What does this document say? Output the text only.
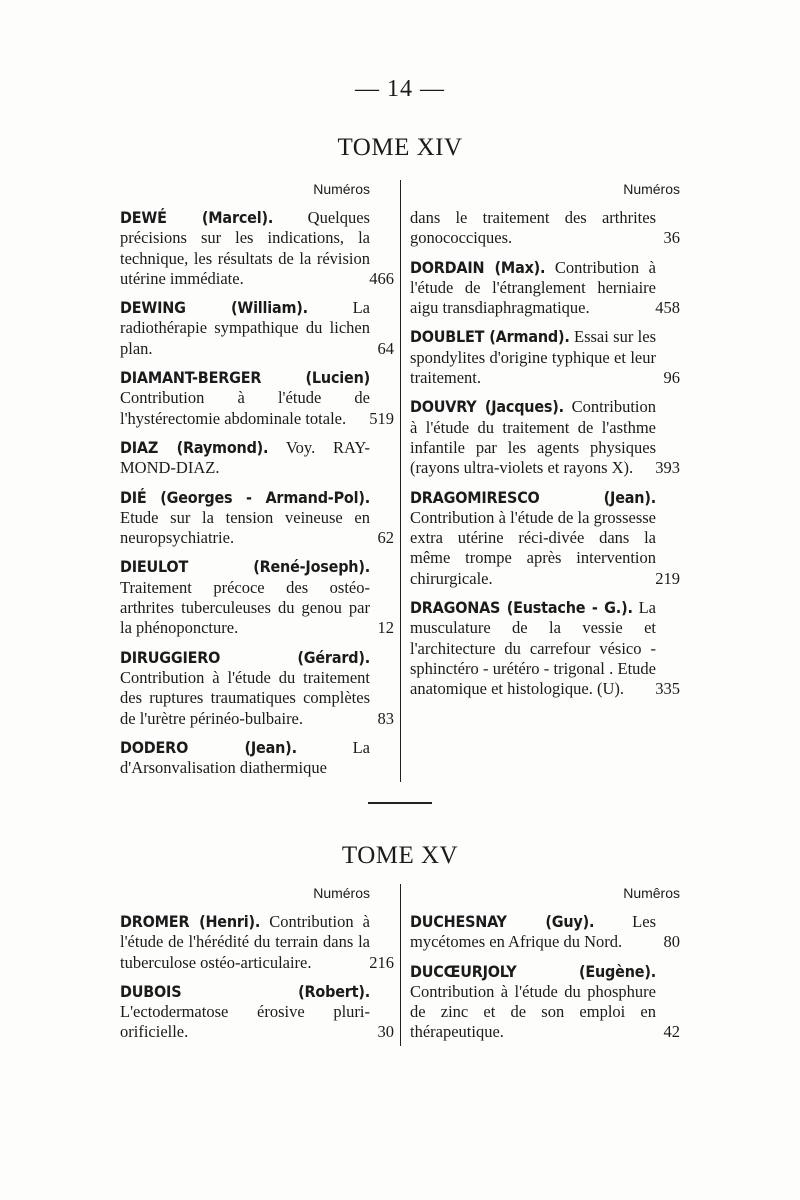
— 14 —
TOME XIV
Numéros
DEWÉ (Marcel). Quelques précisions sur les indications, la technique, les résultats de la révision utérine immédiate.	466
DEWING (William). La radiothérapie sympathique du lichen plan.	64
DIAMANT-BERGER (Lucien) Contribution à l'étude de l'hystérectomie abdominale totale.	519
DIAZ (Raymond). Voy. RAY-MOND-DIAZ.
DIÉ (Georges - Armand-Pol). Etude sur la tension veineuse en neuropsychiatrie.	62
DIEULOT (René-Joseph). Traitement précoce des ostéo-arthrites tuberculeuses du genou par la phénoponcture.	12
DIRUGGIERO (Gérard). Contribution à l'étude du traitement des ruptures traumatiques complètes de l'urètre périnéo-bulbaire.	83
DODERO (Jean). La d'Arsonvalisation diathermique
Numéros
dans le traitement des arthrites gonococciques.	36
DORDAIN (Max). Contribution à l'étude de l'étranglement herniaire aigu transdiaphragmatique.	458
DOUBLET (Armand). Essai sur les spondylites d'origine typhique et leur traitement.	96
DOUVRY (Jacques). Contribution à l'étude du traitement de l'asthme infantile par les agents physiques (rayons ultra-violets et rayons X).	393
DRAGOMIRESCO (Jean). Contribution à l'étude de la grossesse extra utérine réci-divée dans la même trompe après intervention chirurgicale.	219
DRAGONAS (Eustache - G.). La musculature de la vessie et l'architecture du carrefour vésico - sphinctéro - urétéro - trigonal . Etude anatomique et histologique. (U).	335
TOME XV
Numéros
DROMER (Henri). Contribution à l'étude de l'hérédité du terrain dans la tuberculose ostéo-articulaire.	216
DUBOIS (Robert). L'ectodermatose érosive pluri-orificielle.	30
Numêros
DUCHESNAY (Guy). Les mycétomes en Afrique du Nord.	80
DUCŒURJOLY (Eugène). Contribution à l'étude du phosphure de zinc et de son emploi en thérapeutique.	42
